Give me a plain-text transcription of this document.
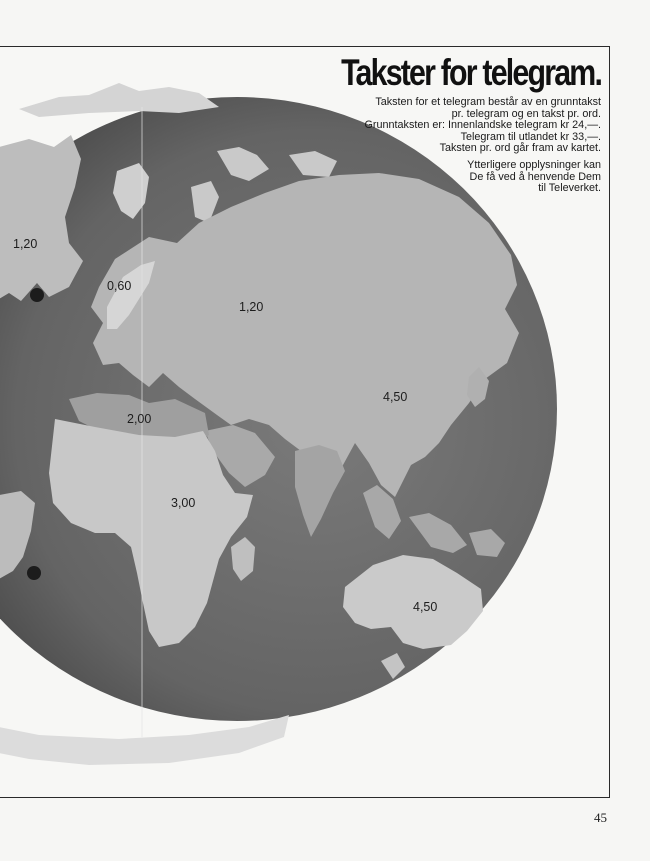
Takster for telegram.

Taksten for et telegram består av en grunntakst

pr. telegram og en takst pr. ord.

Grunntaksten er: Innenlandske telegram kr 24,—.

Telegram til utlandet kr 33,—.

Taksten pr. ord går fram av kartet.

Ytterligere opplysninger kan

De få ved å henvende Dem

til Televerket.

1,20
0,60
1,20
2,00
4,50
3,00
4,50
45
